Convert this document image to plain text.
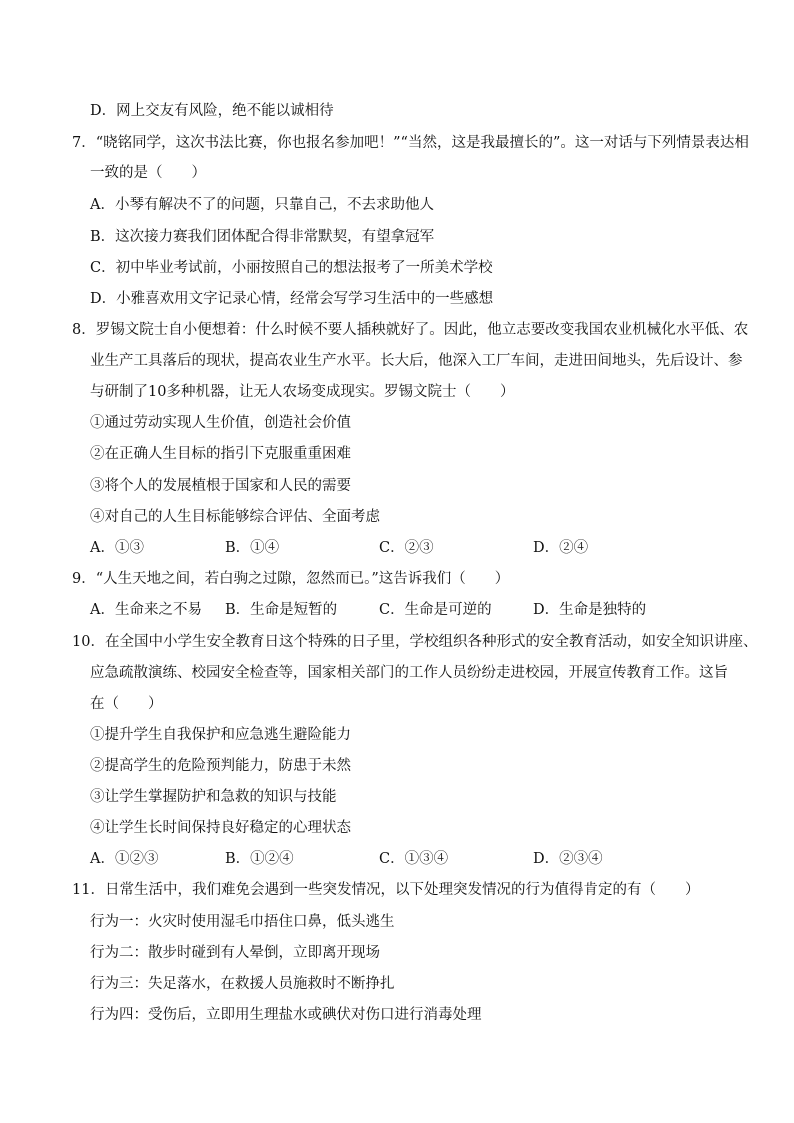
D．网上交友有风险，绝不能以诚相待
7．“晓铭同学，这次书法比赛，你也报名参加吧！”“当然，这是我最擅长的”。这一对话与下列情景表达相
一致的是（　　）
A．小琴有解决不了的问题，只靠自己，不去求助他人
B．这次接力赛我们团体配合得非常默契，有望拿冠军
C．初中毕业考试前，小丽按照自己的想法报考了一所美术学校
D．小雅喜欢用文字记录心情，经常会写学习生活中的一些感想
8．罗锡文院士自小便想着：什么时候不要人插秧就好了。因此，他立志要改变我国农业机械化水平低、农
业生产工具落后的现状，提高农业生产水平。长大后，他深入工厂车间，走进田间地头，先后设计、参
与研制了10多种机器，让无人农场变成现实。罗锡文院士（　　）
①通过劳动实现人生价值，创造社会价值
②在正确人生目标的指引下克服重重困难
③将个人的发展植根于国家和人民的需要
④对自己的人生目标能够综合评估、全面考虑
A．①③	B．①④	C．②③	D．②④
9．“人生天地之间，若白驹之过隙，忽然而已。”这告诉我们（　　）
A．生命来之不易 B．生命是短暂的	C．生命是可逆的	D．生命是独特的
10．在全国中小学生安全教育日这个特殊的日子里，学校组织各种形式的安全教育活动，如安全知识讲座、
应急疏散演练、校园安全检查等，国家相关部门的工作人员纷纷走进校园，开展宣传教育工作。这旨
在（　　）
①提升学生自我保护和应急逃生避险能力
②提高学生的危险预判能力，防患于未然
③让学生掌握防护和急救的知识与技能
④让学生长时间保持良好稳定的心理状态
A．①②③	B．①②④	C．①③④	D．②③④
11．日常生活中，我们难免会遇到一些突发情况，以下处理突发情况的行为值得肯定的有（　　）
行为一：火灾时使用湿毛巾捂住口鼻，低头逃生
行为二：散步时碰到有人晕倒，立即离开现场
行为三：失足落水，在救援人员施救时不断挣扎
行为四：受伤后，立即用生理盐水或碘伏对伤口进行消毒处理
